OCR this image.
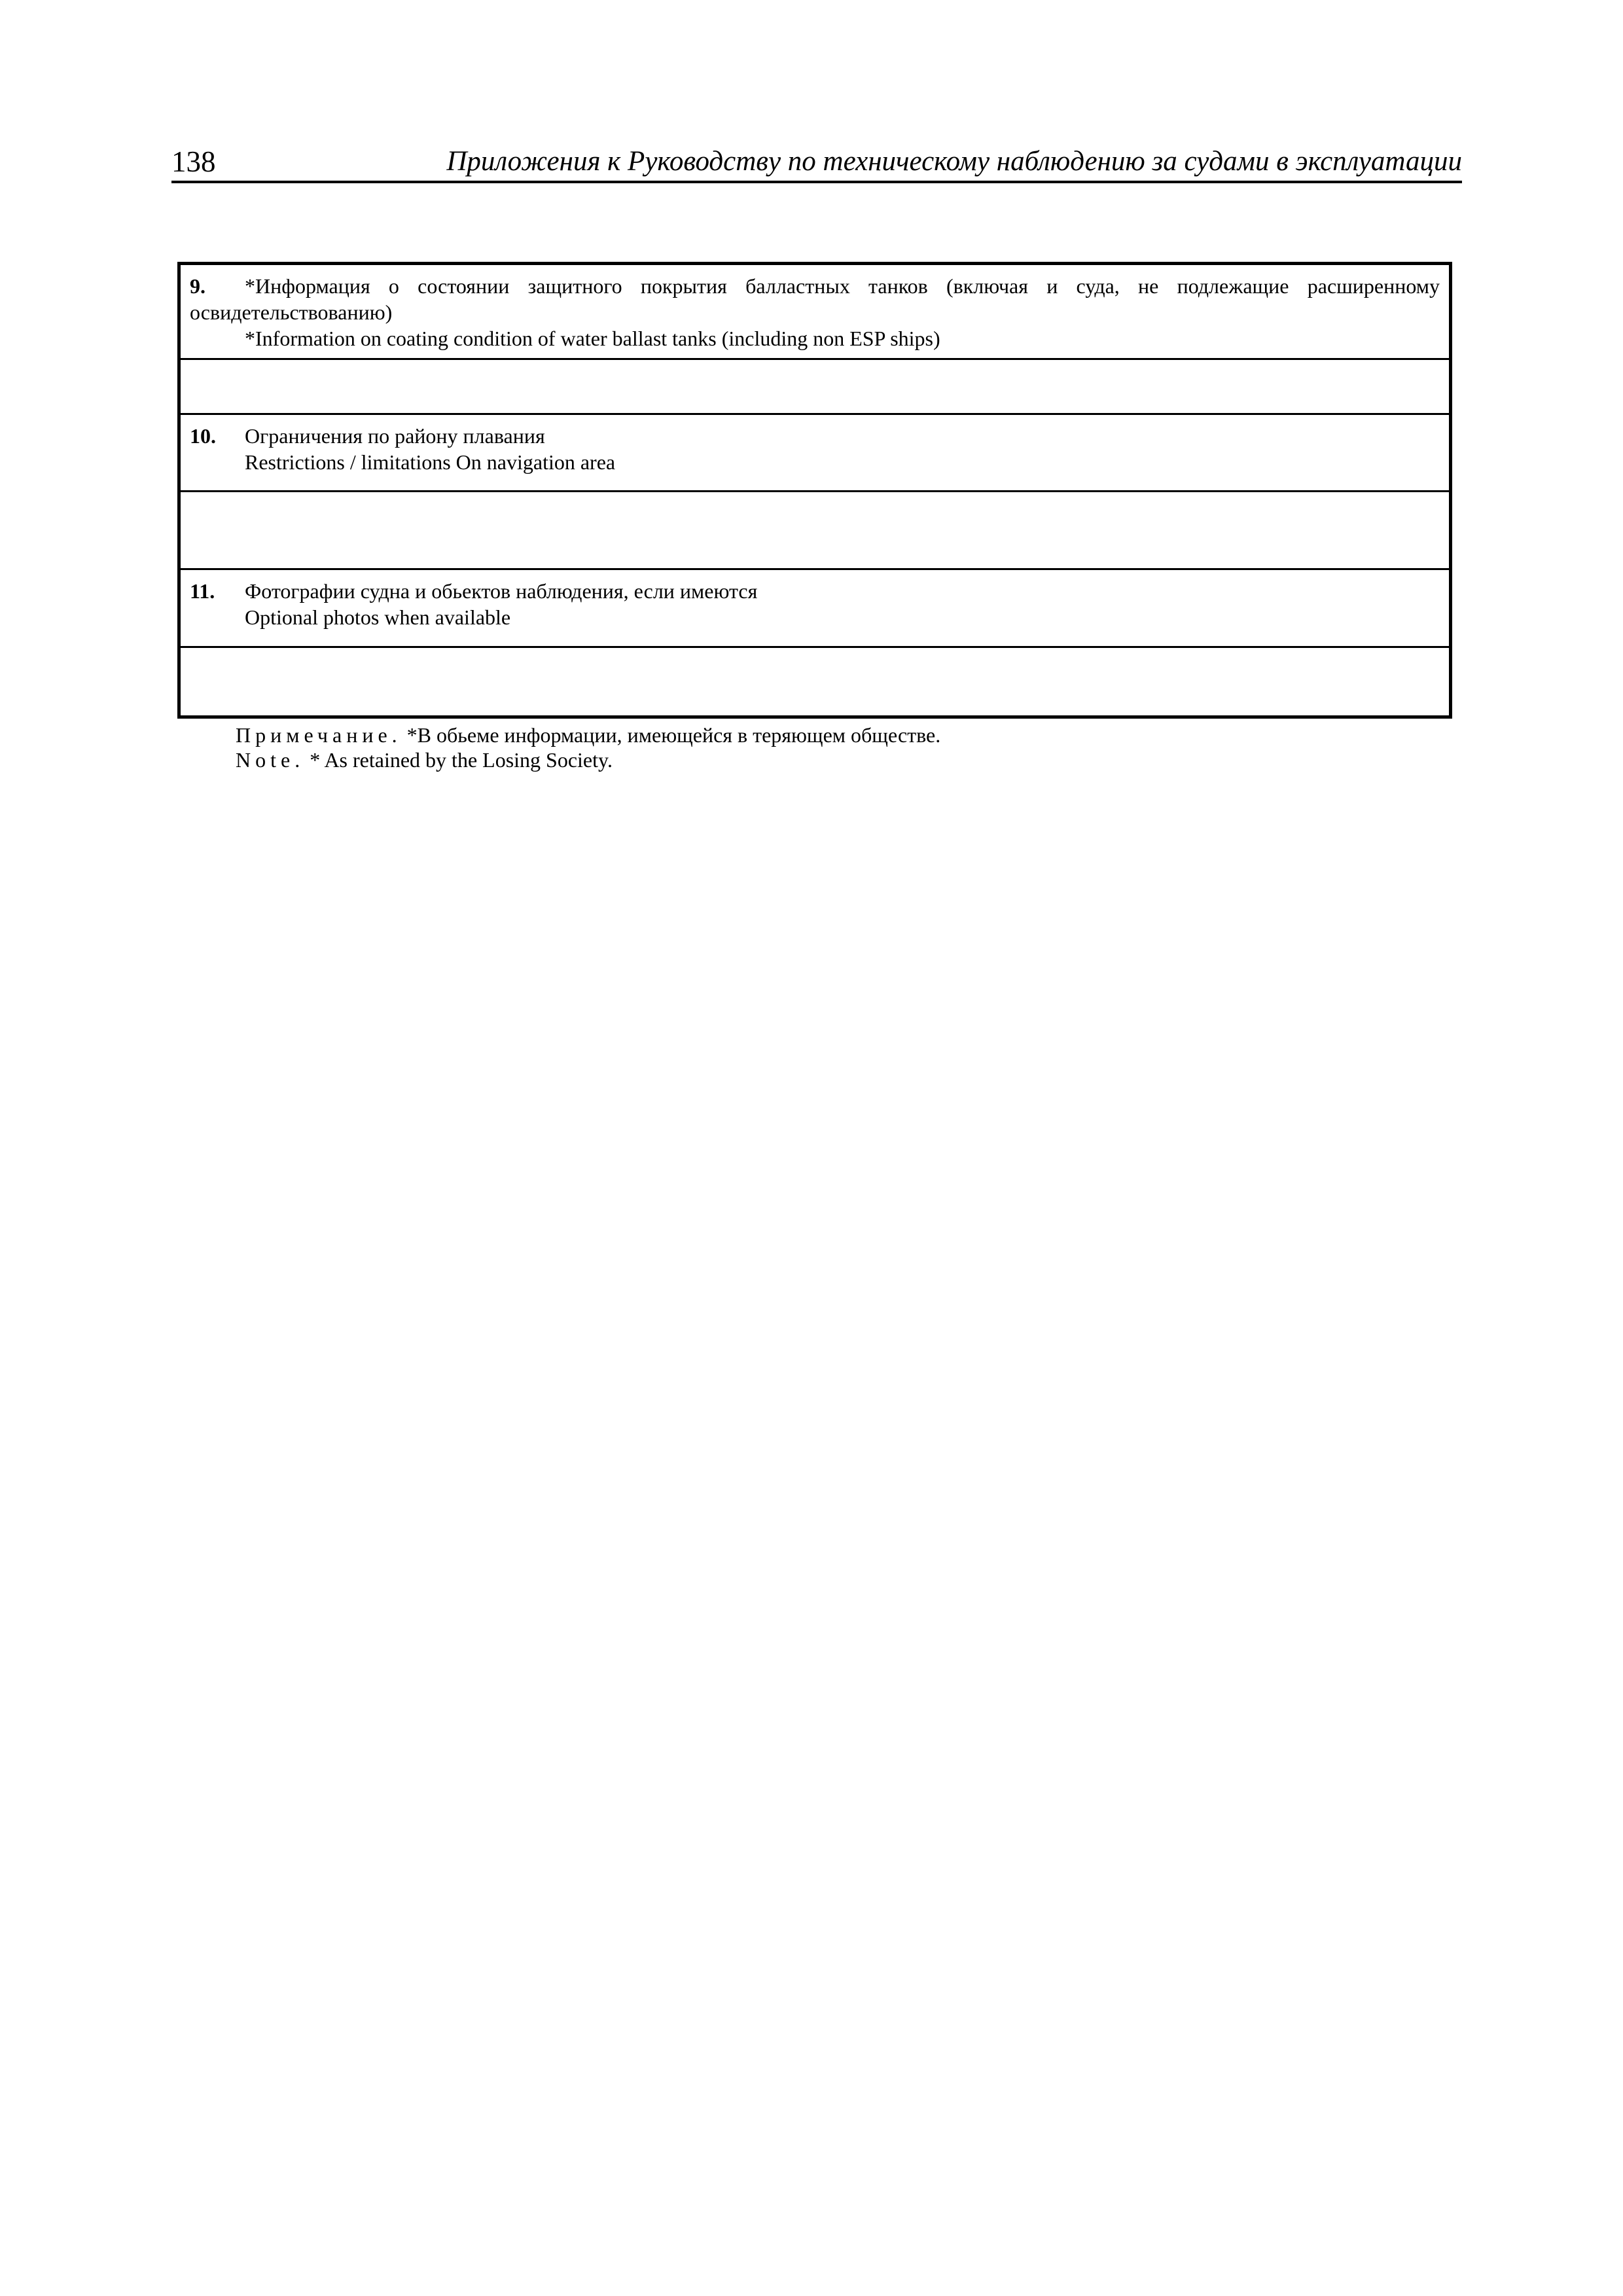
138	Приложения к Руководству по техническому наблюдению за судами в эксплуатации
9. *Информация о состоянии защитного покрытия балластных танков (включая и суда, не подлежащие расширенному
освидетельствованию)
*Information on coating condition of water ballast tanks (including non ESP ships)
10. Ограничения по району плавания
Restrictions / limitations On navigation area
11. Фотографии судна и обьектов наблюдения, если имеются
Optional photos when available
Примечание. *В обьеме информации, имеющейся в теряющем обществе.
Note. * As retained by the Losing Society.
